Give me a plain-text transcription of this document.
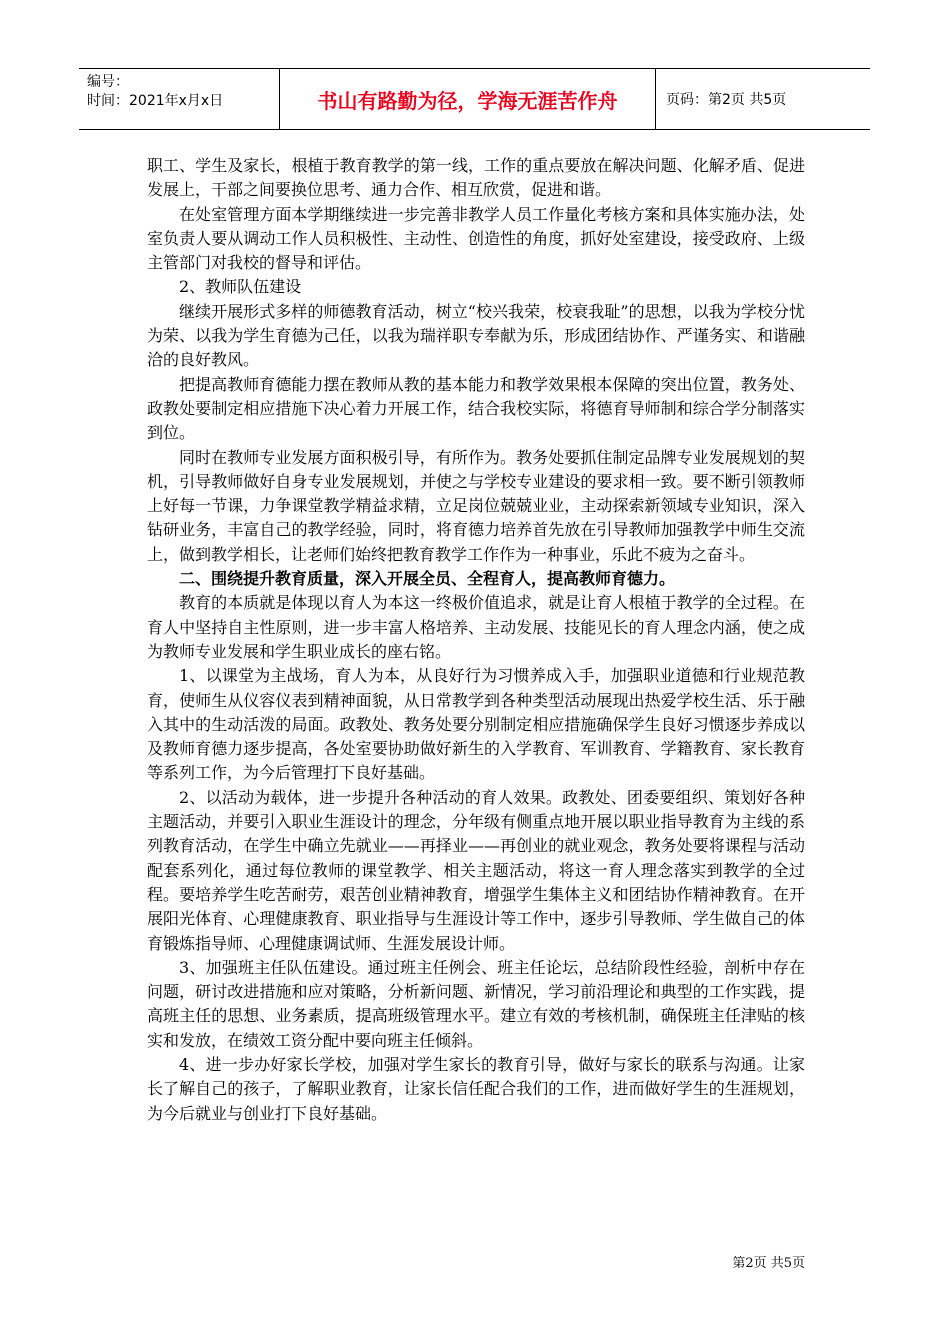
编号：
时间：2021年x月x日	书山有路勤为径，学海无涯苦作舟	页码：第2页 共5页

职工、学生及家长，根植于教育教学的第一线，工作的重点要放在解决问题、化解矛盾、促进发展上，干部之间要换位思考、通力合作、相互欣赏，促进和谐。

在处室管理方面本学期继续进一步完善非教学人员工作量化考核方案和具体实施办法，处室负责人要从调动工作人员积极性、主动性、创造性的角度，抓好处室建设，接受政府、上级主管部门对我校的督导和评估。

2、教师队伍建设

继续开展形式多样的师德教育活动，树立“校兴我荣，校衰我耻”的思想，以我为学校分忧为荣、以我为学生育德为己任，以我为瑞祥职专奉献为乐，形成团结协作、严谨务实、和谐融洽的良好教风。

把提高教师育德能力摆在教师从教的基本能力和教学效果根本保障的突出位置，教务处、政教处要制定相应措施下决心着力开展工作，结合我校实际，将德育导师制和综合学分制落实到位。

同时在教师专业发展方面积极引导，有所作为。教务处要抓住制定品牌专业发展规划的契机，引导教师做好自身专业发展规划，并使之与学校专业建设的要求相一致。要不断引领教师上好每一节课，力争课堂教学精益求精，立足岗位兢兢业业，主动探索新领域专业知识，深入钻研业务，丰富自己的教学经验，同时，将育德力培养首先放在引导教师加强教学中师生交流上，做到教学相长，让老师们始终把教育教学工作作为一种事业，乐此不疲为之奋斗。

二、围绕提升教育质量，深入开展全员、全程育人，提高教师育德力。

教育的本质就是体现以育人为本这一终极价值追求，就是让育人根植于教学的全过程。在育人中坚持自主性原则，进一步丰富人格培养、主动发展、技能见长的育人理念内涵，使之成为教师专业发展和学生职业成长的座右铭。

1、以课堂为主战场，育人为本，从良好行为习惯养成入手，加强职业道德和行业规范教育，使师生从仪容仪表到精神面貌，从日常教学到各种类型活动展现出热爱学校生活、乐于融入其中的生动活泼的局面。政教处、教务处要分别制定相应措施确保学生良好习惯逐步养成以及教师育德力逐步提高，各处室要协助做好新生的入学教育、军训教育、学籍教育、家长教育等系列工作，为今后管理打下良好基础。

2、以活动为载体，进一步提升各种活动的育人效果。政教处、团委要组织、策划好各种主题活动，并要引入职业生涯设计的理念，分年级有侧重点地开展以职业指导教育为主线的系列教育活动，在学生中确立先就业——再择业——再创业的就业观念，教务处要将课程与活动配套系列化，通过每位教师的课堂教学、相关主题活动，将这一育人理念落实到教学的全过程。要培养学生吃苦耐劳，艰苦创业精神教育，增强学生集体主义和团结协作精神教育。在开展阳光体育、心理健康教育、职业指导与生涯设计等工作中，逐步引导教师、学生做自己的体育锻炼指导师、心理健康调试师、生涯发展设计师。

3、加强班主任队伍建设。通过班主任例会、班主任论坛，总结阶段性经验，剖析中存在问题，研讨改进措施和应对策略，分析新问题、新情况，学习前沿理论和典型的工作实践，提高班主任的思想、业务素质，提高班级管理水平。建立有效的考核机制，确保班主任津贴的核实和发放，在绩效工资分配中要向班主任倾斜。

4、进一步办好家长学校，加强对学生家长的教育引导，做好与家长的联系与沟通。让家长了解自己的孩子，了解职业教育，让家长信任配合我们的工作，进而做好学生的生涯规划，为今后就业与创业打下良好基础。

第2页 共5页
